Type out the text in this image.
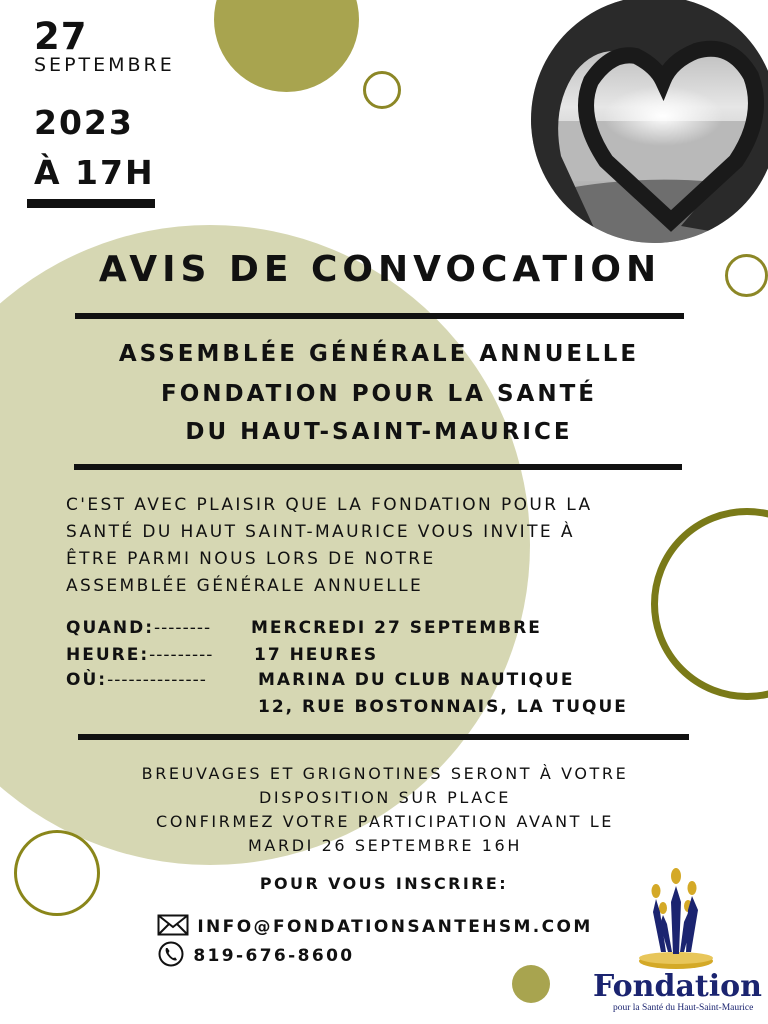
27
SEPTEMBRE
2023
À 17H
AVIS DE CONVOCATION
ASSEMBLÉE GÉNÉRALE ANNUELLE
FONDATION POUR LA SANTÉ
DU HAUT-SAINT-MAURICE
C'EST AVEC PLAISIR QUE LA FONDATION POUR LA
SANTÉ DU HAUT SAINT-MAURICE VOUS INVITE À
ÊTRE PARMI NOUS LORS DE NOTRE
ASSEMBLÉE GÉNÉRALE ANNUELLE
QUAND:-------- MERCREDI 27 SEPTEMBRE
HEURE:--------- 17 HEURES
OÙ:--------------	MARINA DU CLUB NAUTIQUE
12, RUE BOSTONNAIS, LA TUQUE
BREUVAGES ET GRIGNOTINES SERONT À VOTRE
DISPOSITION SUR PLACE
CONFIRMEZ VOTRE PARTICIPATION AVANT LE
MARDI 26 SEPTEMBRE 16H
POUR VOUS INSCRIRE:
INFO@FONDATIONSANTEHSM.COM
819-676-8600
Fondation
pour la Santé du Haut-Saint-Maurice
